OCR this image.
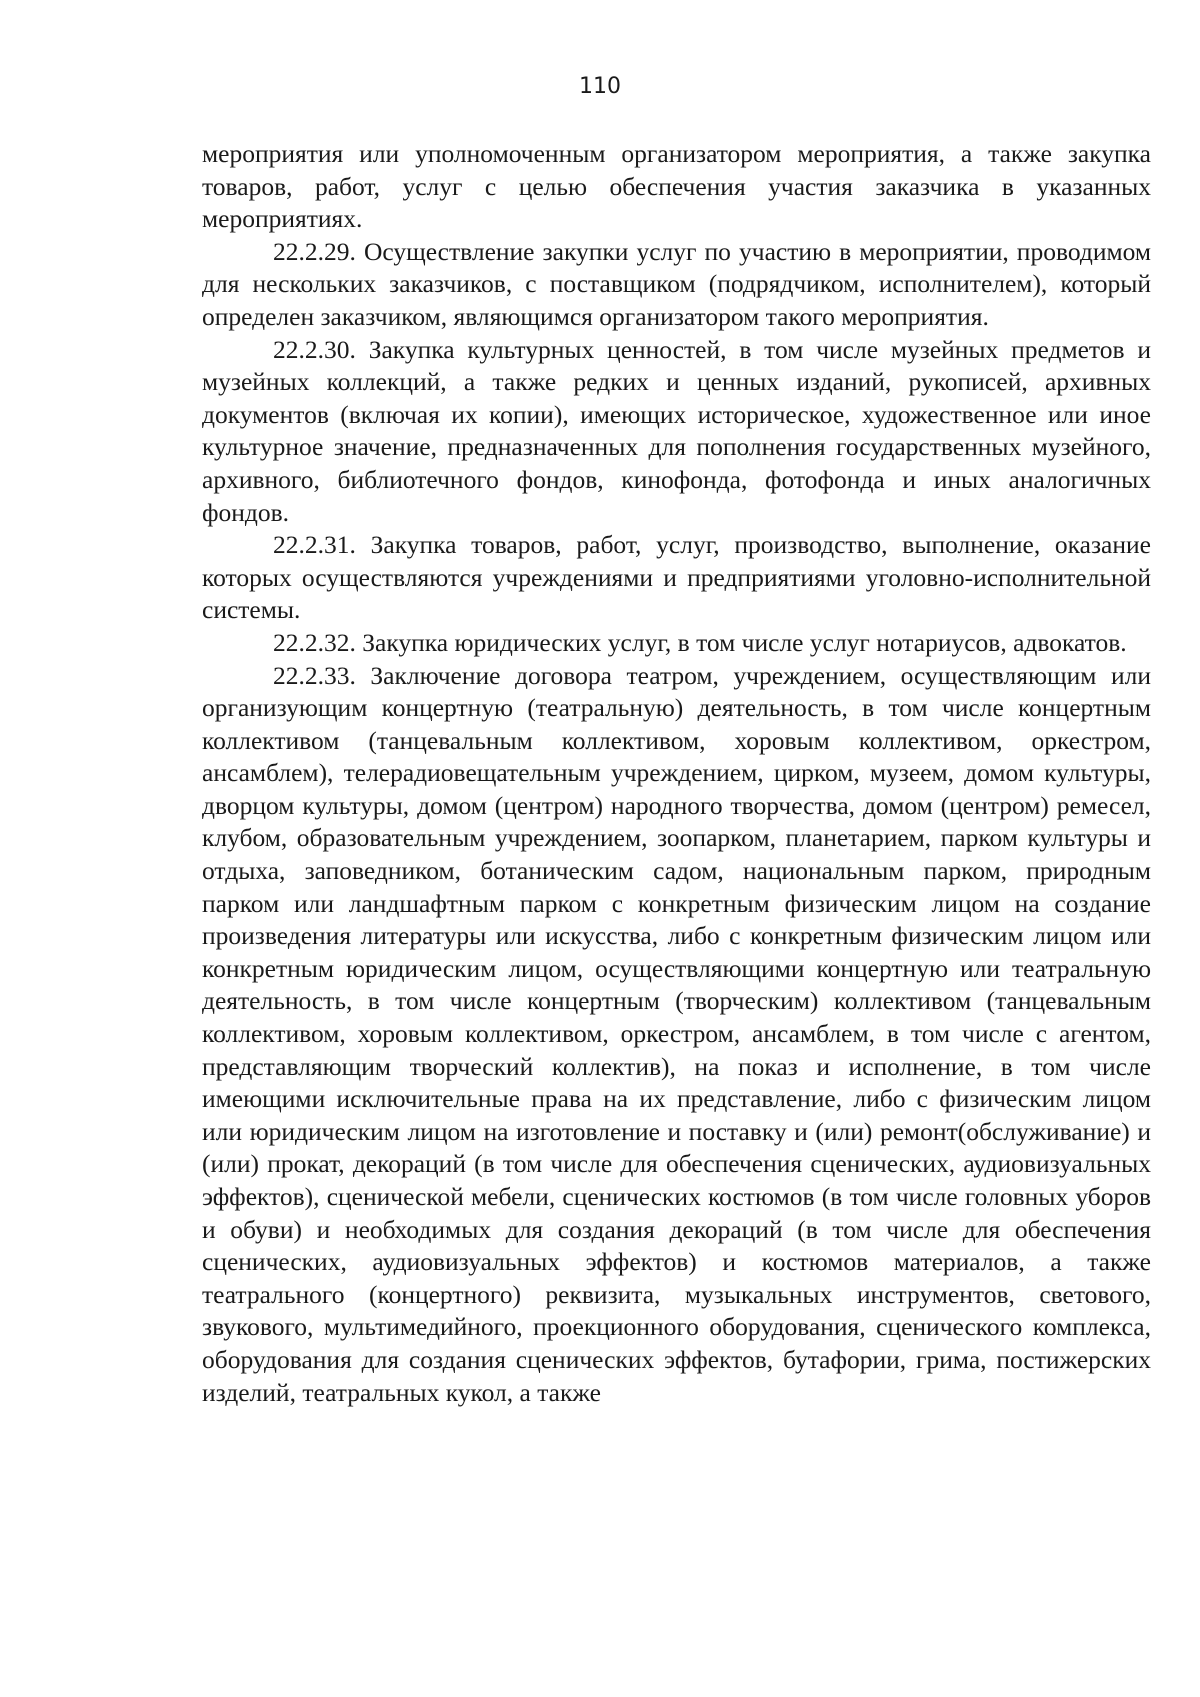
110

мероприятия или уполномоченным организатором мероприятия, а также закупка товаров, работ, услуг с целью обеспечения участия заказчика в указанных мероприятиях.

22.2.29. Осуществление закупки услуг по участию в мероприятии, проводимом для нескольких заказчиков, с поставщиком (подрядчиком, исполнителем), который определен заказчиком, являющимся организатором такого мероприятия.

22.2.30. Закупка культурных ценностей, в том числе музейных предметов и музейных коллекций, а также редких и ценных изданий, рукописей, архивных документов (включая их копии), имеющих историческое, художественное или иное культурное значение, предназначенных для пополнения государственных музейного, архивного, библиотечного фондов, кинофонда, фотофонда и иных аналогичных фондов.

22.2.31. Закупка товаров, работ, услуг, производство, выполнение, оказание которых осуществляются учреждениями и предприятиями уголовно-исполнительной системы.

22.2.32. Закупка юридических услуг, в том числе услуг нотариусов, адвокатов.

22.2.33. Заключение договора театром, учреждением, осуществляющим или организующим концертную (театральную) деятельность, в том числе концертным коллективом (танцевальным коллективом, хоровым коллективом, оркестром, ансамблем), телерадиовещательным учреждением, цирком, музеем, домом культуры, дворцом культуры, домом (центром) народного творчества, домом (центром) ремесел, клубом, образовательным учреждением, зоопарком, планетарием, парком культуры и отдыха, заповедником, ботаническим садом, национальным парком, природным парком или ландшафтным парком с конкретным физическим лицом на создание произведения литературы или искусства, либо с конкретным физическим лицом или конкретным юридическим лицом, осуществляющими концертную или театральную деятельность, в том числе концертным (творческим) коллективом (танцевальным коллективом, хоровым коллективом, оркестром, ансамблем, в том числе с агентом, представляющим творческий коллектив), на показ и исполнение, в том числе имеющими исключительные права на их представление, либо с физическим лицом или юридическим лицом на изготовление и поставку и (или) ремонт(обслуживание) и (или) прокат, декораций (в том числе для обеспечения сценических, аудиовизуальных эффектов), сценической мебели, сценических костюмов (в том числе головных уборов и обуви) и необходимых для создания декораций (в том числе для обеспечения сценических, аудиовизуальных эффектов) и костюмов материалов, а также театрального (концертного) реквизита, музыкальных инструментов, светового, звукового, мультимедийного, проекционного оборудования, сценического комплекса, оборудования для создания сценических эффектов, бутафории, грима, постижерских изделий, театральных кукол, а также
